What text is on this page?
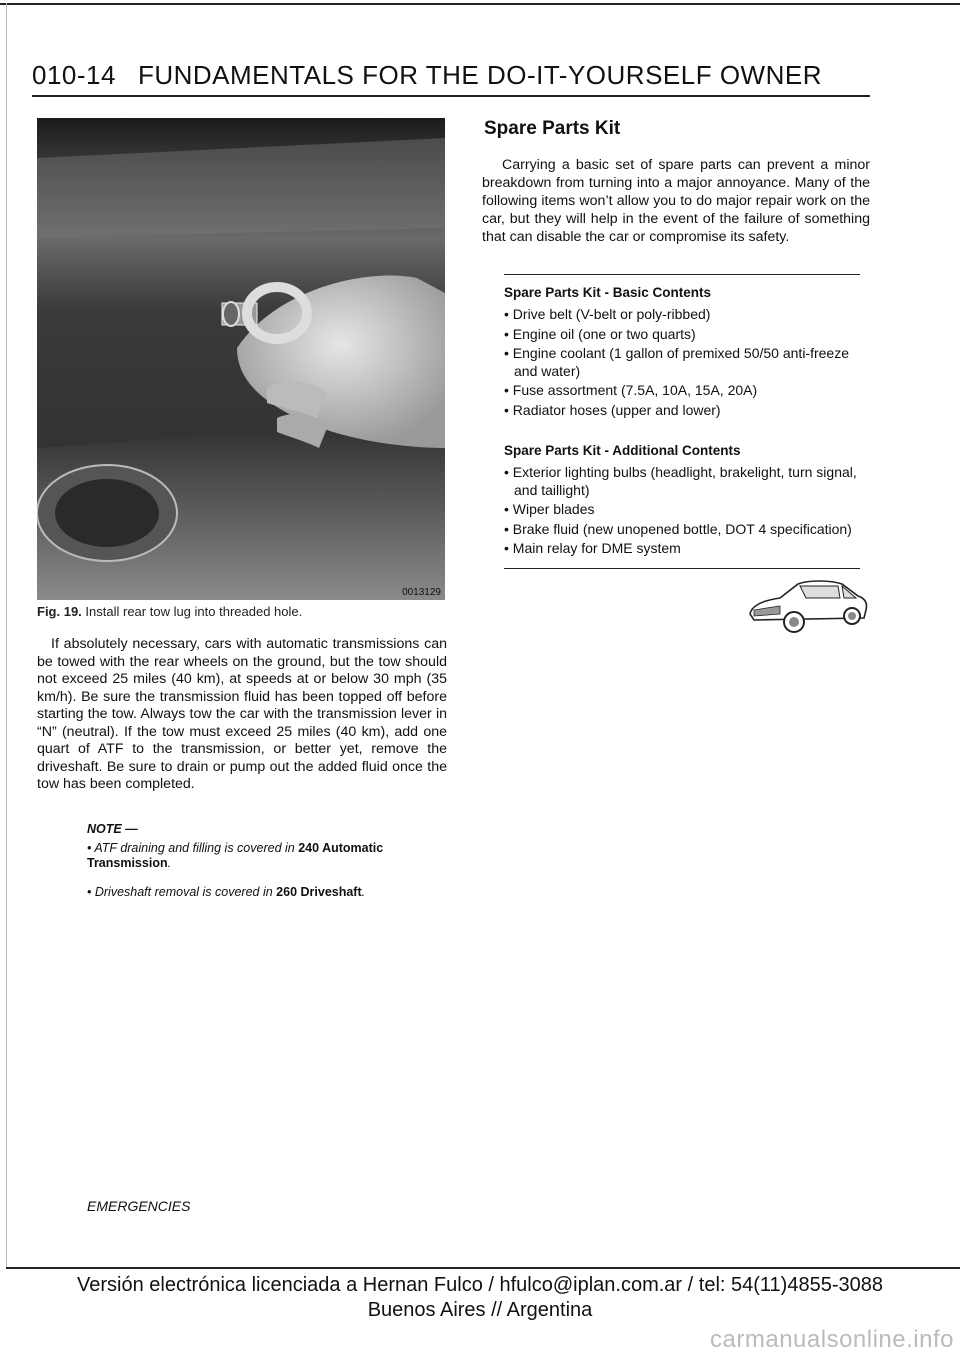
010-14 FUNDAMENTALS FOR THE DO-IT-YOURSELF OWNER
0013129
Fig. 19. Install rear tow lug into threaded hole.

If absolutely necessary, cars with automatic transmissions can be towed with the rear wheels on the ground, but the tow should not exceed 25 miles (40 km), at speeds at or below 30 mph (35 km/h). Be sure the transmission fluid has been topped off before starting the tow. Always tow the car with the transmission lever in “N” (neutral). If the tow must exceed 25 miles (40 km), add one quart of ATF to the transmission, or better yet, remove the driveshaft. Be sure to drain or pump out the added fluid once the tow has been completed.

NOTE —
• ATF draining and filling is covered in 240 Automatic Transmission.
• Driveshaft removal is covered in 260 Driveshaft.
Spare Parts Kit

Carrying a basic set of spare parts can prevent a minor breakdown from turning into a major annoyance. Many of the following items won’t allow you to do major repair work on the car, but they will help in the event of the failure of something that can disable the car or compromise its safety.

Spare Parts Kit - Basic Contents
• Drive belt (V-belt or poly-ribbed)
• Engine oil (one or two quarts)
• Engine coolant (1 gallon of premixed 50/50 anti-freeze and water)
• Fuse assortment (7.5A, 10A, 15A, 20A)
• Radiator hoses (upper and lower)
Spare Parts Kit - Additional Contents
• Exterior lighting bulbs (headlight, brakelight, turn signal, and taillight)
• Wiper blades
• Brake fluid (new unopened bottle, DOT 4 specification)
• Main relay for DME system
EMERGENCIES
Versión electrónica licenciada a Hernan Fulco / hfulco@iplan.com.ar / tel: 54(11)4855-3088
Buenos Aires // Argentina
carmanualsonline.info
